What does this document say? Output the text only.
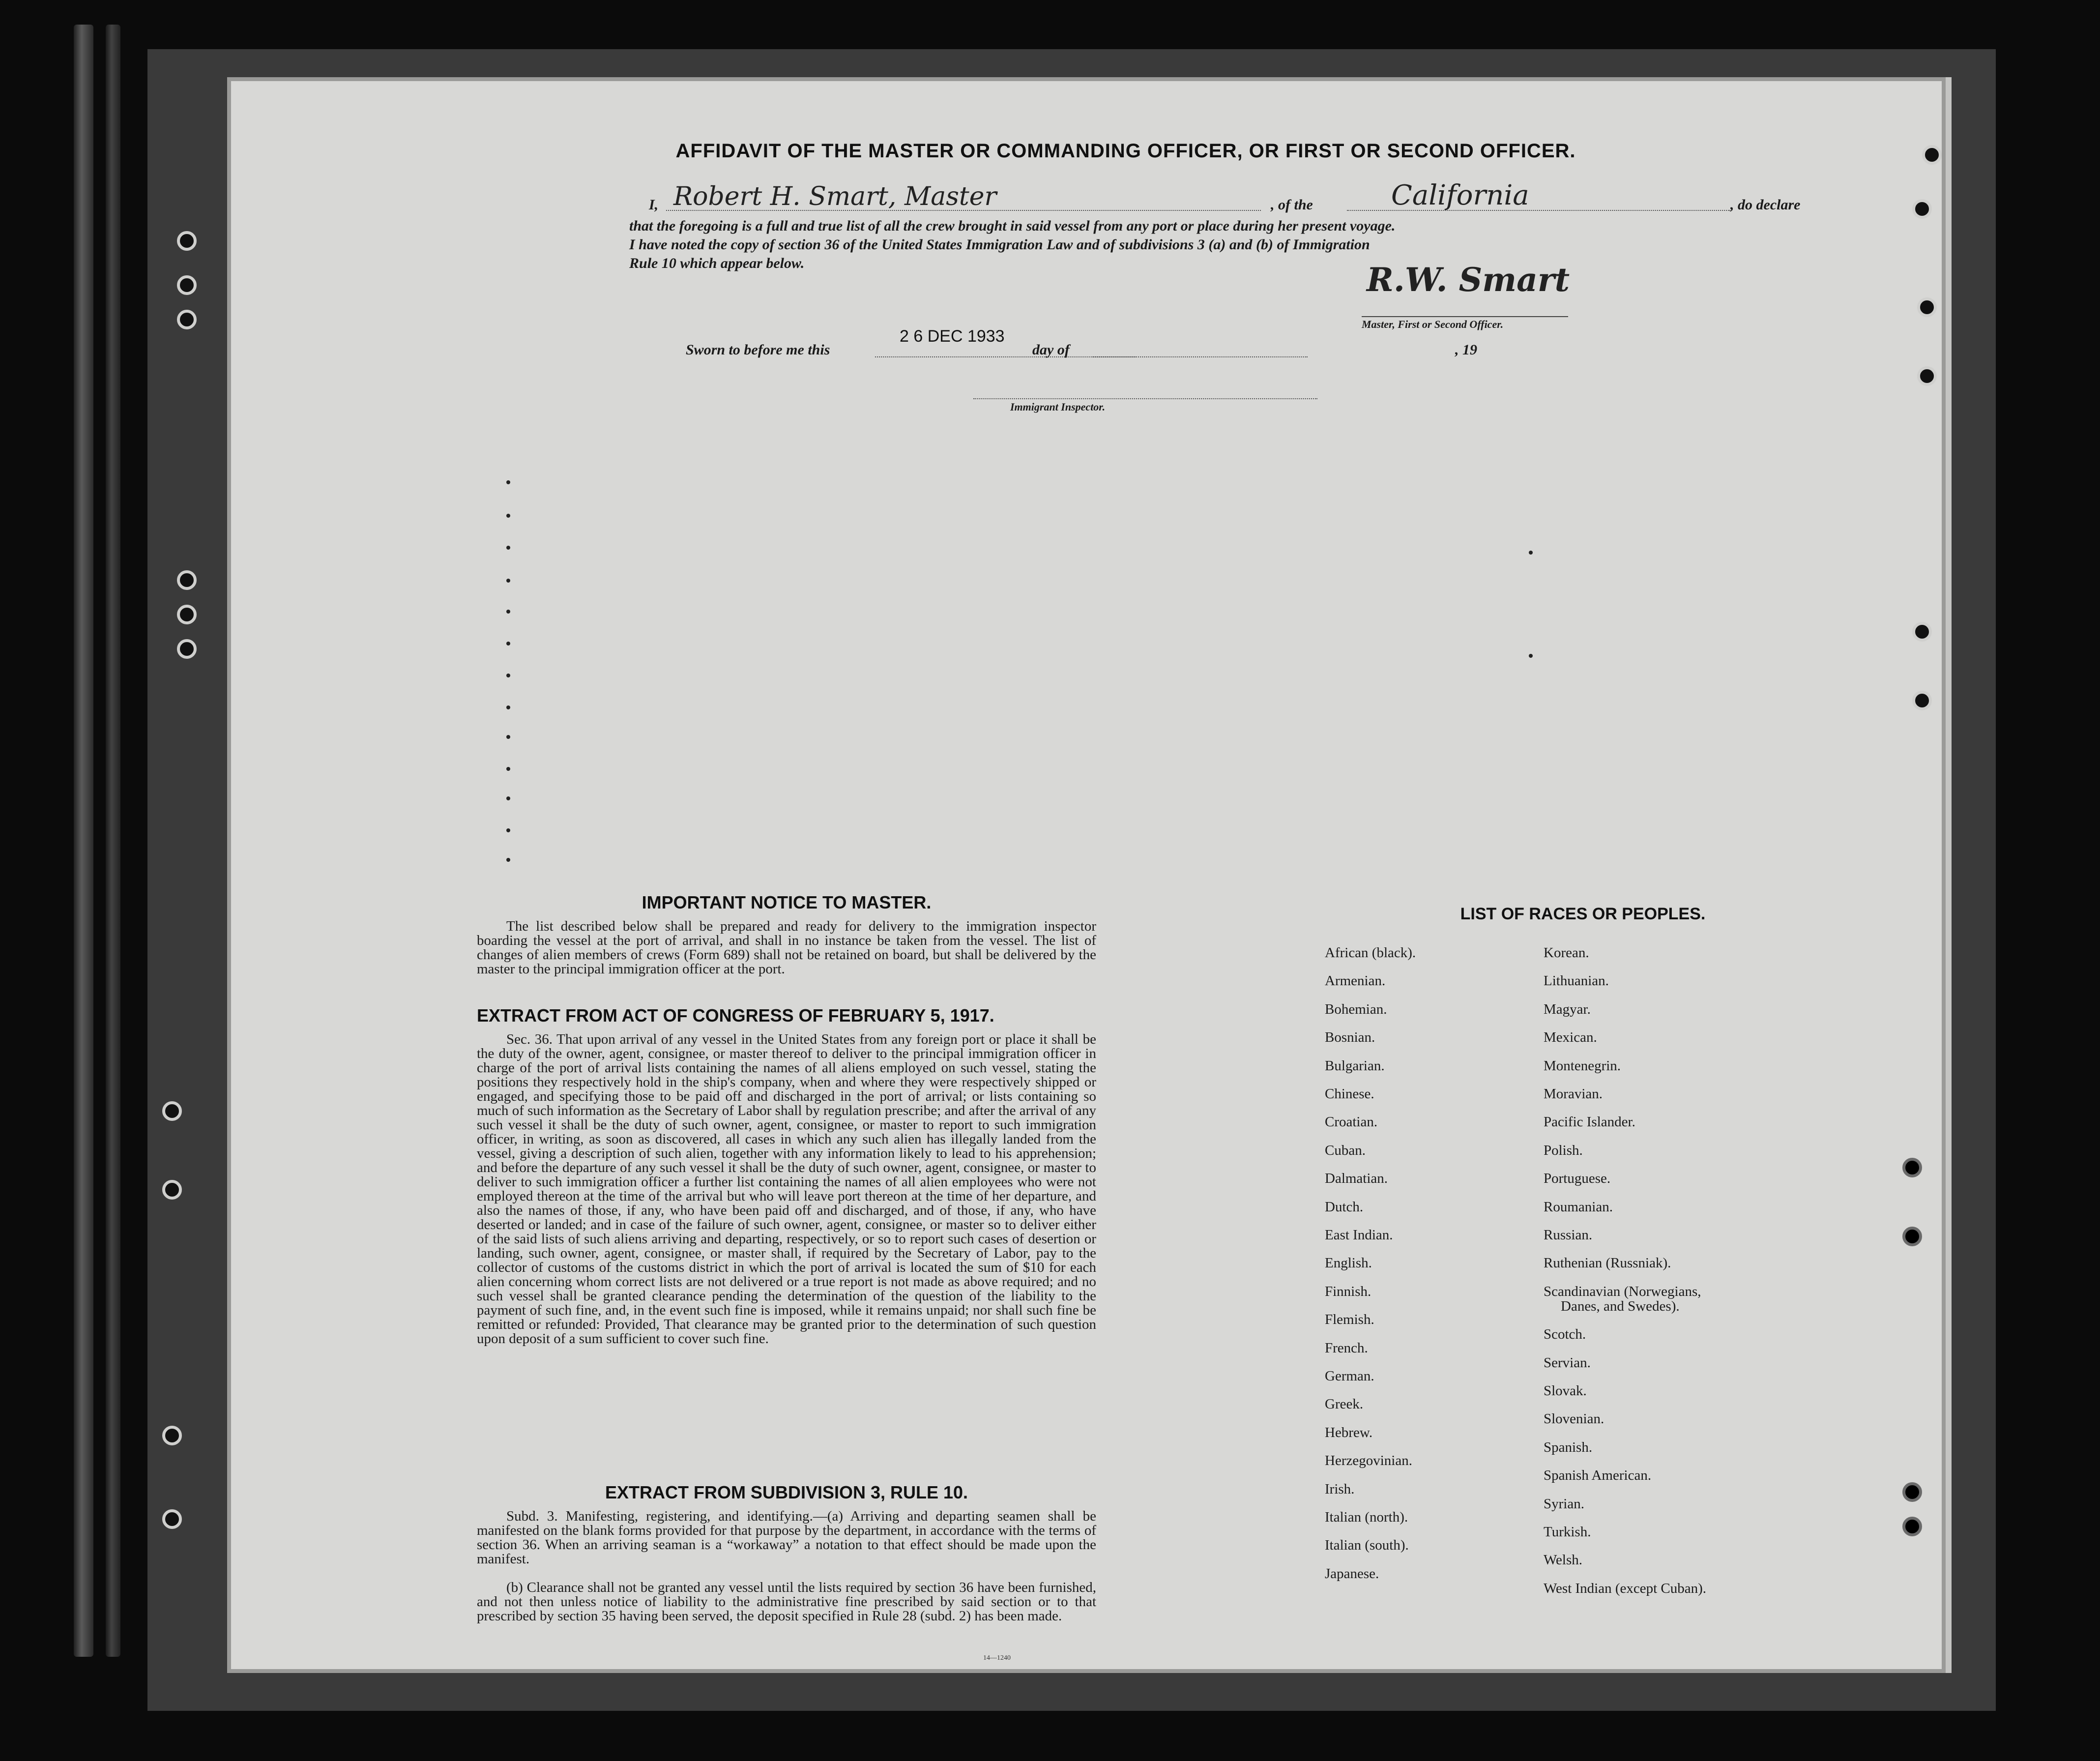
AFFIDAVIT OF THE MASTER OR COMMANDING OFFICER, OR FIRST OR SECOND OFFICER.
I, Robert H. Smart, Master	, of the	California	, do declare
that the foregoing is a full and true list of all the crew brought in said vessel from any port or place during her present voyage.
I have noted the copy of section 36 of the United States Immigration Law and of subdivisions 3 (a) and (b) of Immigration
Rule 10 which appear below.	R.W. Smart
Master, First or Second Officer.
Sworn to before me this
2 6 DEC 1933
day of	, 19
Immigrant Inspector.
IMPORTANT NOTICE TO MASTER.
The list described below shall be prepared and ready for delivery to the immigration inspector boarding the vessel at the port of arrival, and shall in no instance be taken from the vessel. The list of changes of alien members of crews (Form 689) shall not be retained on board, but shall be delivered by the master to the principal immigration officer at the port.
EXTRACT FROM ACT OF CONGRESS OF FEBRUARY 5, 1917.
Sec. 36. That upon arrival of any vessel in the United States from any foreign port or place it shall be the duty of the owner, agent, consignee, or master thereof to deliver to the principal immigration officer in charge of the port of arrival lists containing the names of all aliens employed on such vessel, stating the positions they respectively hold in the ship's company, when and where they were respectively shipped or engaged, and specifying those to be paid off and discharged in the port of arrival; or lists containing so much of such information as the Secretary of Labor shall by regulation prescribe; and after the arrival of any such vessel it shall be the duty of such owner, agent, consignee, or master to report to such immigration officer, in writing, as soon as discovered, all cases in which any such alien has illegally landed from the vessel, giving a description of such alien, together with any information likely to lead to his apprehension; and before the departure of any such vessel it shall be the duty of such owner, agent, consignee, or master to deliver to such immigration officer a further list containing the names of all alien employees who were not employed thereon at the time of the arrival but who will leave port thereon at the time of her departure, and also the names of those, if any, who have been paid off and discharged, and of those, if any, who have deserted or landed; and in case of the failure of such owner, agent, consignee, or master so to deliver either of the said lists of such aliens arriving and departing, respectively, or so to report such cases of desertion or landing, such owner, agent, consignee, or master shall, if required by the Secretary of Labor, pay to the collector of customs of the customs district in which the port of arrival is located the sum of $10 for each alien concerning whom correct lists are not delivered or a true report is not made as above required; and no such vessel shall be granted clearance pending the determination of the question of the liability to the payment of such fine, and, in the event such fine is imposed, while it remains unpaid; nor shall such fine be remitted or refunded: Provided, That clearance may be granted prior to the determination of such question upon deposit of a sum sufficient to cover such fine.
EXTRACT FROM SUBDIVISION 3, RULE 10.
Subd. 3. Manifesting, registering, and identifying.—(a) Arriving and departing seamen shall be manifested on the blank forms provided for that purpose by the department, in accordance with the terms of section 36. When an arriving seaman is a “workaway” a notation to that effect should be made upon the manifest.
(b) Clearance shall not be granted any vessel until the lists required by section 36 have been furnished, and not then unless notice of liability to the administrative fine prescribed by said section or to that prescribed by section 35 having been served, the deposit specified in Rule 28 (subd. 2) has been made.
14—1240
LIST OF RACES OR PEOPLES.
African (black).
Armenian.
Bohemian.
Bosnian.
Bulgarian.
Chinese.
Croatian.
Cuban.
Dalmatian.
Dutch.
East Indian.
English.
Finnish.
Flemish.
French.
German.
Greek.
Hebrew.
Herzegovinian.
Irish.
Italian (north).
Italian (south).
Japanese.
Korean.
Lithuanian.
Magyar.
Mexican.
Montenegrin.
Moravian.
Pacific Islander.
Polish.
Portuguese.
Roumanian.
Russian.
Ruthenian (Russniak).
Scandinavian (Norwegians,
Danes, and Swedes).
Scotch.
Servian.
Slovak.
Slovenian.
Spanish.
Spanish American.
Syrian.
Turkish.
Welsh.
West Indian (except Cuban).
